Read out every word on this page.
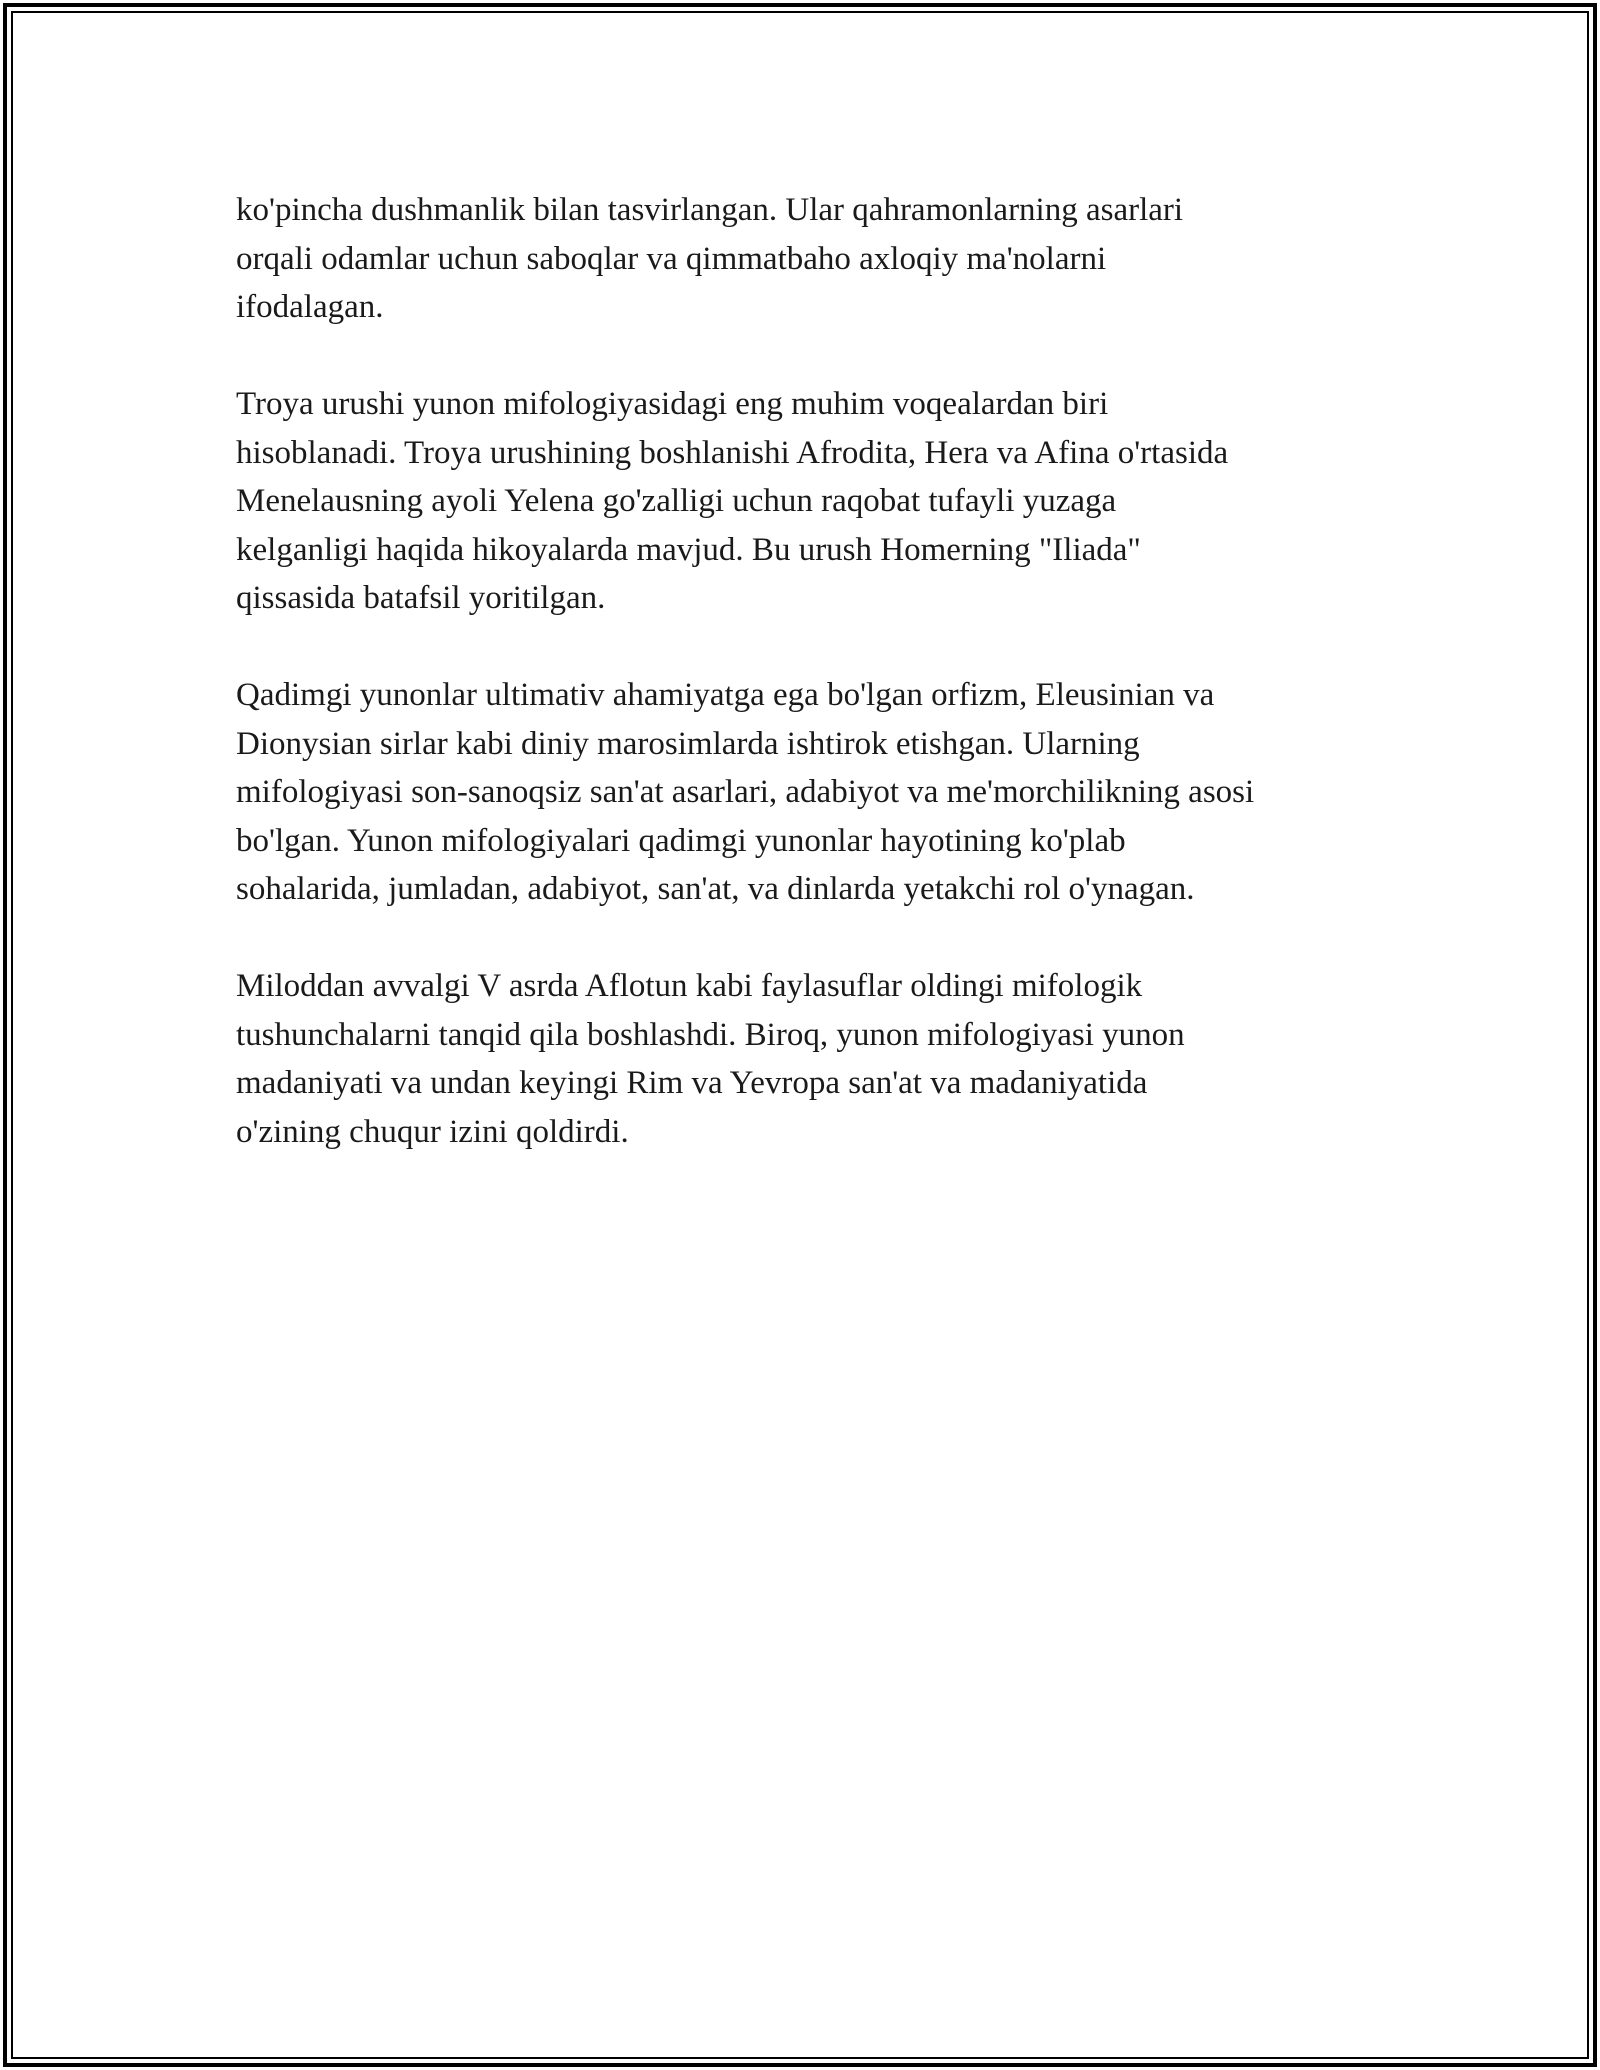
ko'pincha dushmanlik bilan tasvirlangan. Ular qahramonlarning asarlari
orqali odamlar uchun saboqlar va qimmatbaho axloqiy ma'nolarni
ifodalagan.

Troya urushi yunon mifologiyasidagi eng muhim voqealardan biri
hisoblanadi. Troya urushining boshlanishi Afrodita, Hera va Afina o'rtasida
Menelausning ayoli Yelena go'zalligi uchun raqobat tufayli yuzaga
kelganligi haqida hikoyalarda mavjud. Bu urush Homerning "Iliada"
qissasida batafsil yoritilgan.

Qadimgi yunonlar ultimativ ahamiyatga ega bo'lgan orfizm, Eleusinian va
Dionysian sirlar kabi diniy marosimlarda ishtirok etishgan. Ularning
mifologiyasi son-sanoqsiz san'at asarlari, adabiyot va me'morchilikning asosi
bo'lgan. Yunon mifologiyalari qadimgi yunonlar hayotining ko'plab
sohalarida, jumladan, adabiyot, san'at, va dinlarda yetakchi rol o'ynagan.

Miloddan avvalgi V asrda Aflotun kabi faylasuflar oldingi mifologik
tushunchalarni tanqid qila boshlashdi. Biroq, yunon mifologiyasi yunon
madaniyati va undan keyingi Rim va Yevropa san'at va madaniyatida
o'zining chuqur izini qoldirdi.
